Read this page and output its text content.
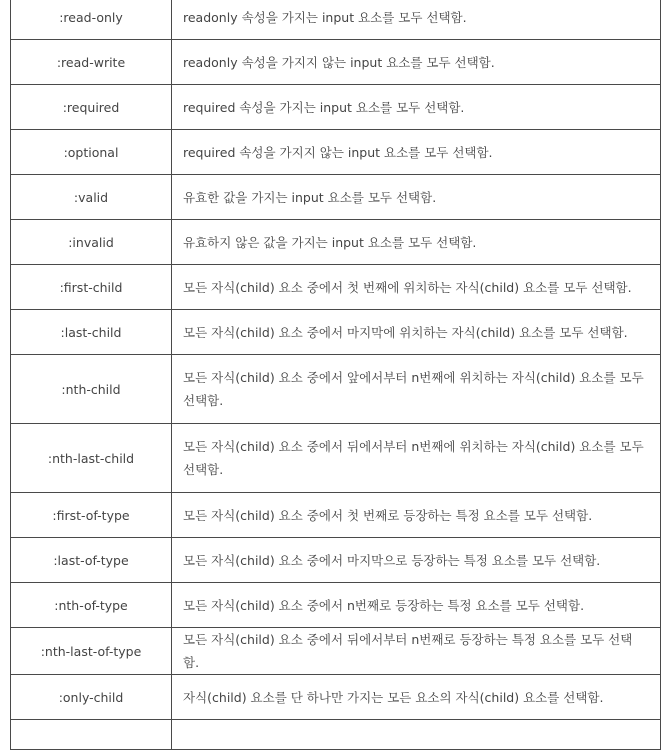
:read-only	readonly 속성을 가지는 input 요소를 모두 선택함.
:read-write	readonly 속성을 가지지 않는 input 요소를 모두 선택함.
:required	required 속성을 가지는 input 요소를 모두 선택함.
:optional	required 속성을 가지지 않는 input 요소를 모두 선택함.
:valid	유효한 값을 가지는 input 요소를 모두 선택함.
:invalid	유효하지 않은 값을 가지는 input 요소를 모두 선택함.
:first-child	모든 자식(child) 요소 중에서 첫 번째에 위치하는 자식(child) 요소를 모두 선택함.
:last-child	모든 자식(child) 요소 중에서 마지막에 위치하는 자식(child) 요소를 모두 선택함.
:nth-child	모든 자식(child) 요소 중에서 앞에서부터 n번째에 위치하는 자식(child) 요소를 모두 선택함.
:nth-last-child	모든 자식(child) 요소 중에서 뒤에서부터 n번째에 위치하는 자식(child) 요소를 모두 선택함.
:first-of-type	모든 자식(child) 요소 중에서 첫 번째로 등장하는 특정 요소를 모두 선택함.
:last-of-type	모든 자식(child) 요소 중에서 마지막으로 등장하는 특정 요소를 모두 선택함.
:nth-of-type	모든 자식(child) 요소 중에서 n번째로 등장하는 특정 요소를 모두 선택함.
:nth-last-of-type	모든 자식(child) 요소 중에서 뒤에서부터 n번째로 등장하는 특정 요소를 모두 선택함.
:only-child	자식(child) 요소를 단 하나만 가지는 모든 요소의 자식(child) 요소를 선택함.
